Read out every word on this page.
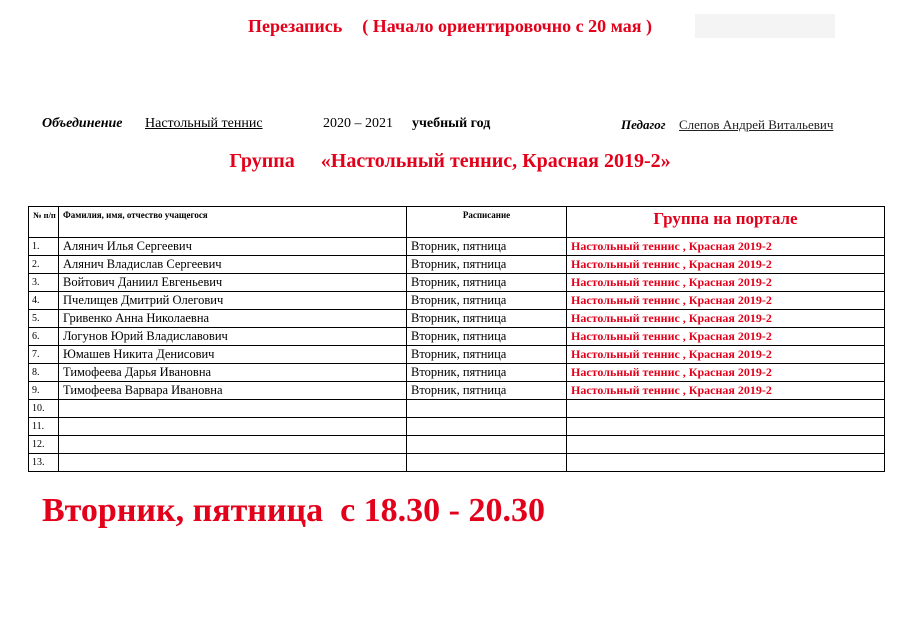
Перезапись ( Начало ориентировочно с 20 мая )
Объединение Настольный теннис	2020 – 2021 учебный год	Педагог Слепов Андрей Витальевич
Группа «Настольный теннис, Красная 2019-2»
№ п/п	Фамилия, имя, отчество учащегося	Расписание	Группа на портале
1.	Алянич Илья Сергеевич	Вторник, пятница	Настольный теннис , Красная 2019-2
2.	Алянич Владислав Сергеевич	Вторник, пятница	Настольный теннис , Красная 2019-2
3.	Войтович Даниил Евгеньевич	Вторник, пятница	Настольный теннис , Красная 2019-2
4.	Пчелищев Дмитрий Олегович	Вторник, пятница	Настольный теннис , Красная 2019-2
5.	Гривенко Анна Николаевна	Вторник, пятница	Настольный теннис , Красная 2019-2
6.	Логунов Юрий Владиславович	Вторник, пятница	Настольный теннис , Красная 2019-2
7.	Юмашев Никита Денисович	Вторник, пятница	Настольный теннис , Красная 2019-2
8.	Тимофеева Дарья Ивановна	Вторник, пятница	Настольный теннис , Красная 2019-2
9.	Тимофеева Варвара Ивановна	Вторник, пятница	Настольный теннис , Красная 2019-2
10.			
11.			
12.			
13.			
Вторник, пятница  с 18.30 - 20.30
